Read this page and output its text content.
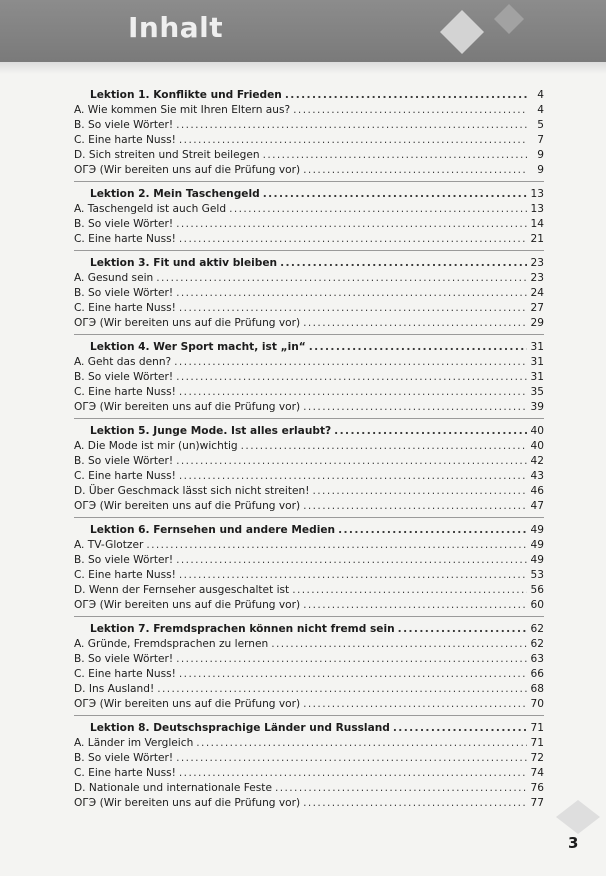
Inhalt
Lektion 1. Konflikte und Frieden .....	4
A. Wie kommen Sie mit Ihren Eltern aus? .....	4
B. So viele Wörter! .....	5
C. Eine harte Nuss! .....	7
D. Sich streiten und Streit beilegen .....	9
ОГЭ (Wir bereiten uns auf die Prüfung vor) .....	9
Lektion 2. Mein Taschengeld .....	13
A. Taschengeld ist auch Geld .....	13
B. So viele Wörter! .....	14
C. Eine harte Nuss! .....	21
Lektion 3. Fit und aktiv bleiben .....	23
A. Gesund sein .....	23
B. So viele Wörter! .....	24
C. Eine harte Nuss! .....	27
ОГЭ (Wir bereiten uns auf die Prüfung vor) .....	29
Lektion 4. Wer Sport macht, ist „in“ .....	31
A. Geht das denn? .....	31
B. So viele Wörter! .....	31
C. Eine harte Nuss! .....	35
ОГЭ (Wir bereiten uns auf die Prüfung vor) .....	39
Lektion 5. Junge Mode. Ist alles erlaubt? .....	40
A. Die Mode ist mir (un)wichtig .....	40
B. So viele Wörter! .....	42
C. Eine harte Nuss! .....	43
D. Über Geschmack lässt sich nicht streiten! .....	46
ОГЭ (Wir bereiten uns auf die Prüfung vor) .....	47
Lektion 6. Fernsehen und andere Medien .....	49
A. TV-Glotzer .....	49
B. So viele Wörter! .....	49
C. Eine harte Nuss! .....	53
D. Wenn der Fernseher ausgeschaltet ist .....	56
ОГЭ (Wir bereiten uns auf die Prüfung vor) .....	60
Lektion 7. Fremdsprachen können nicht fremd sein .....	62
A. Gründe, Fremdsprachen zu lernen .....	62
B. So viele Wörter! .....	63
C. Eine harte Nuss! .....	66
D. Ins Ausland! .....	68
ОГЭ (Wir bereiten uns auf die Prüfung vor) .....	70
Lektion 8. Deutschsprachige Länder und Russland .....	71
A. Länder im Vergleich .....	71
B. So viele Wörter! .....	72
C. Eine harte Nuss! .....	74
D. Nationale und internationale Feste .....	76
ОГЭ (Wir bereiten uns auf die Prüfung vor) .....	77
3
